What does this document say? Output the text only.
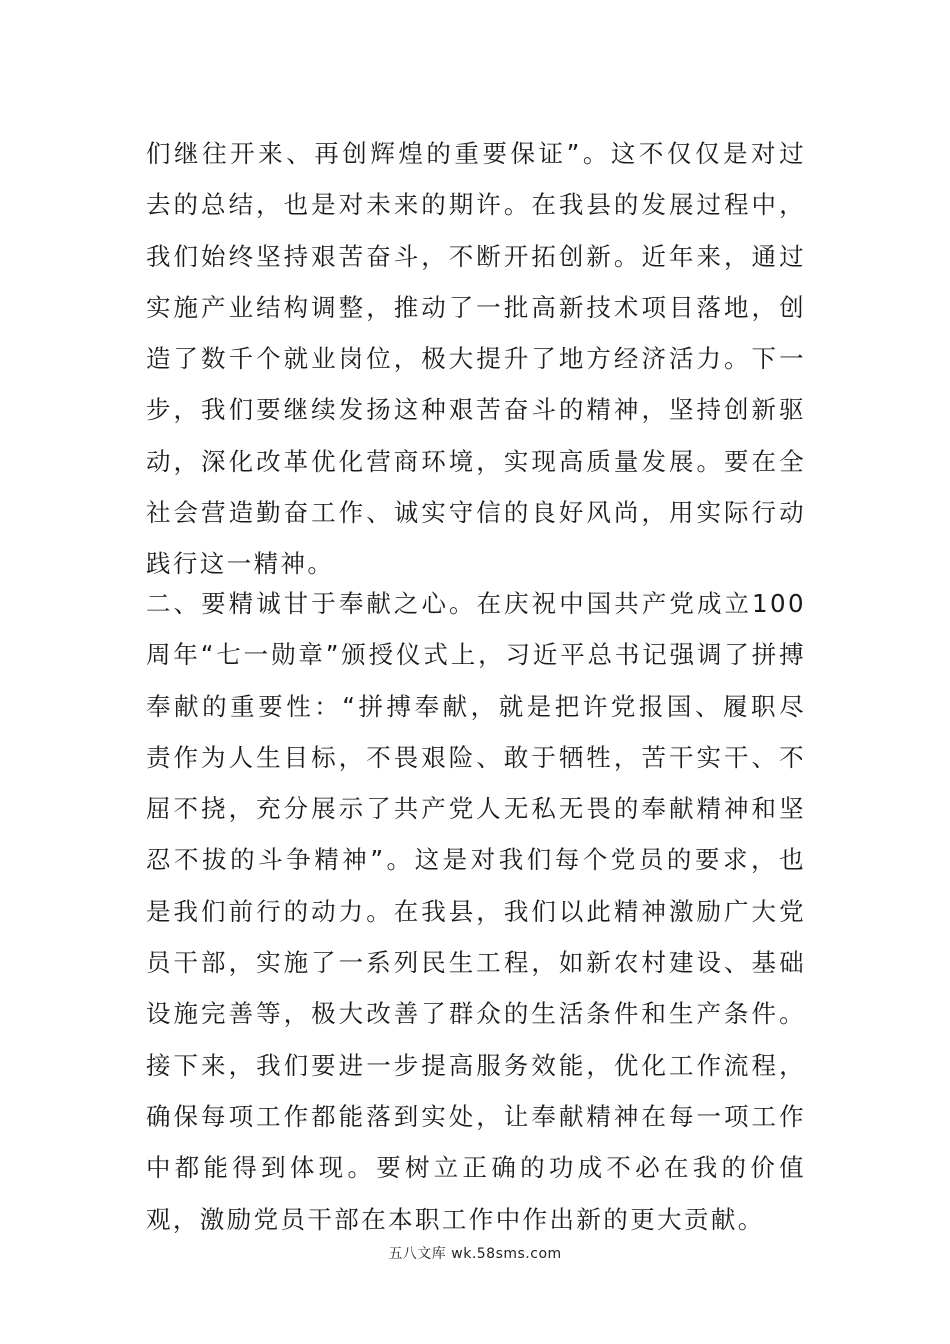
们继往开来、再创辉煌的重要保证”。这不仅仅是对过去的总结，也是对未来的期许。在我县的发展过程中，我们始终坚持艰苦奋斗，不断开拓创新。近年来，通过实施产业结构调整，推动了一批高新技术项目落地，创造了数千个就业岗位，极大提升了地方经济活力。下一步，我们要继续发扬这种艰苦奋斗的精神，坚持创新驱动，深化改革优化营商环境，实现高质量发展。要在全社会营造勤奋工作、诚实守信的良好风尚，用实际行动践行这一精神。

二、要精诚甘于奉献之心。在庆祝中国共产党成立100周年“七一勋章”颁授仪式上，习近平总书记强调了拼搏奉献的重要性：“拼搏奉献，就是把许党报国、履职尽责作为人生目标，不畏艰险、敢于牺牲，苦干实干、不屈不挠，充分展示了共产党人无私无畏的奉献精神和坚忍不拔的斗争精神”。这是对我们每个党员的要求，也是我们前行的动力。在我县，我们以此精神激励广大党员干部，实施了一系列民生工程，如新农村建设、基础设施完善等，极大改善了群众的生活条件和生产条件。接下来，我们要进一步提高服务效能，优化工作流程，确保每项工作都能落到实处，让奉献精神在每一项工作中都能得到体现。要树立正确的功成不必在我的价值观，激励党员干部在本职工作中作出新的更大贡献。

五八文库 wk.58sms.com
